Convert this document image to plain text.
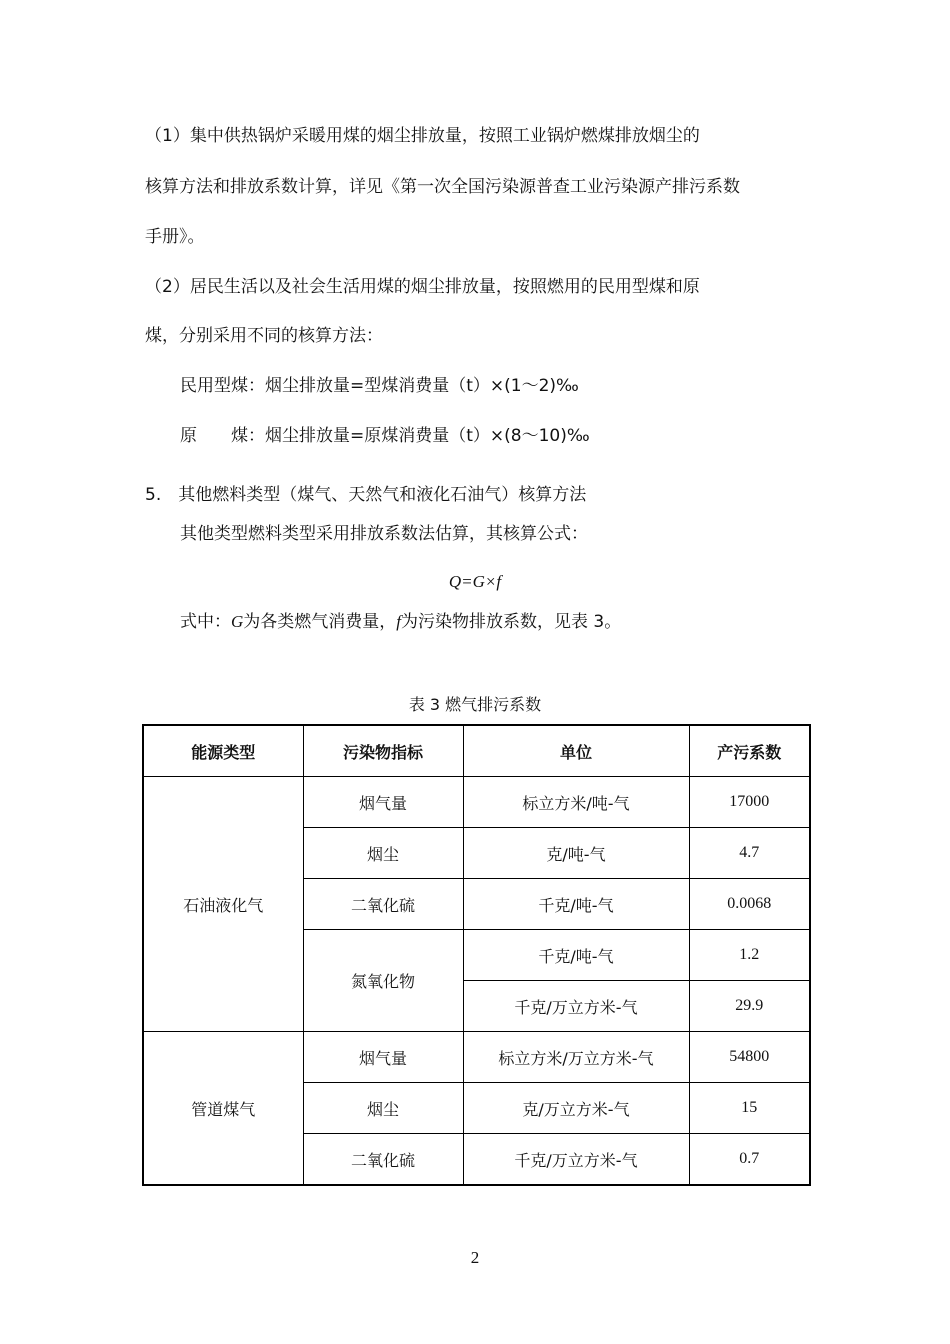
（1）集中供热锅炉采暖用煤的烟尘排放量，按照工业锅炉燃煤排放烟尘的
核算方法和排放系数计算，详见《第一次全国污染源普查工业污染源产排污系数
手册》。
（2）居民生活以及社会生活用煤的烟尘排放量，按照燃用的民用型煤和原
煤，分别采用不同的核算方法：
民用型煤：烟尘排放量=型煤消费量（t）×(1～2)‰
原　　煤：烟尘排放量=原煤消费量（t）×(8～10)‰
5.　其他燃料类型（煤气、天然气和液化石油气）核算方法
其他类型燃料类型采用排放系数法估算，其核算公式：
Q=G×f
式中：G为各类燃气消费量，f为污染物排放系数，见表 3。
表 3 燃气排污系数
能源类型	污染物指标	单位	产污系数
石油液化气	烟气量	标立方米/吨-气	17000
	烟尘	克/吨-气	4.7
	二氧化硫	千克/吨-气	0.0068
	氮氧化物	千克/吨-气	1.2
		千克/万立方米-气	29.9
管道煤气	烟气量	标立方米/万立方米-气	54800
	烟尘	克/万立方米-气	15
	二氧化硫	千克/万立方米-气	0.7
2
